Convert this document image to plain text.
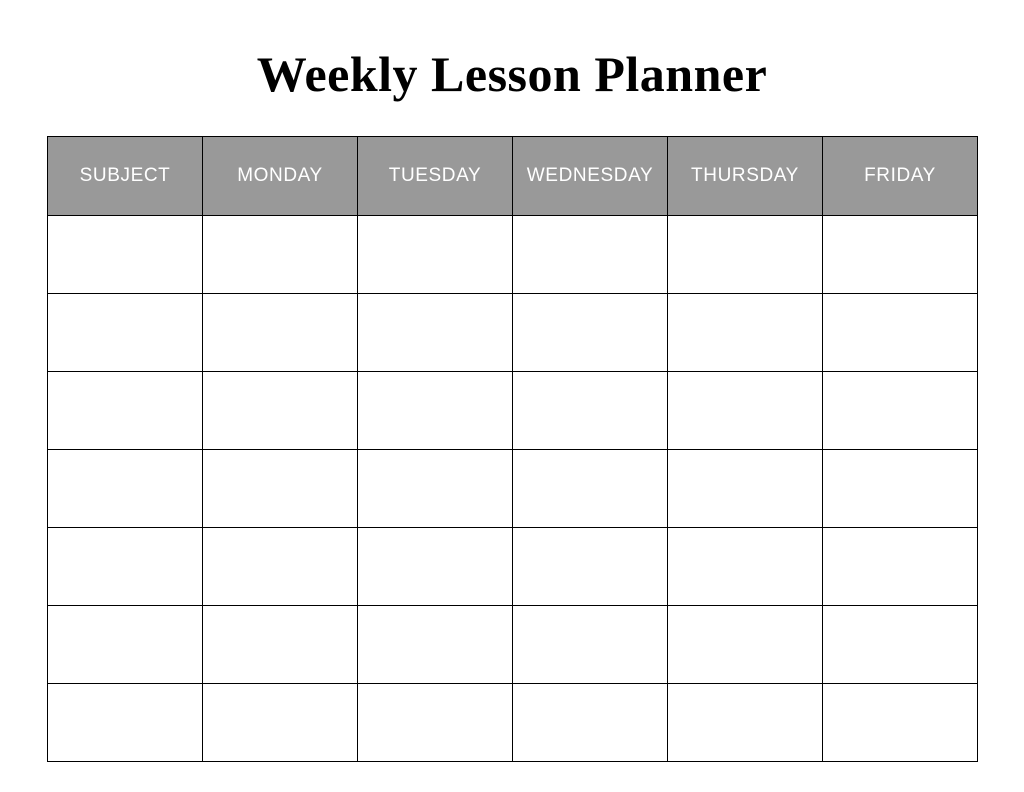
Weekly Lesson Planner
SUBJECT	MONDAY	TUESDAY	WEDNESDAY	THURSDAY	FRIDAY
